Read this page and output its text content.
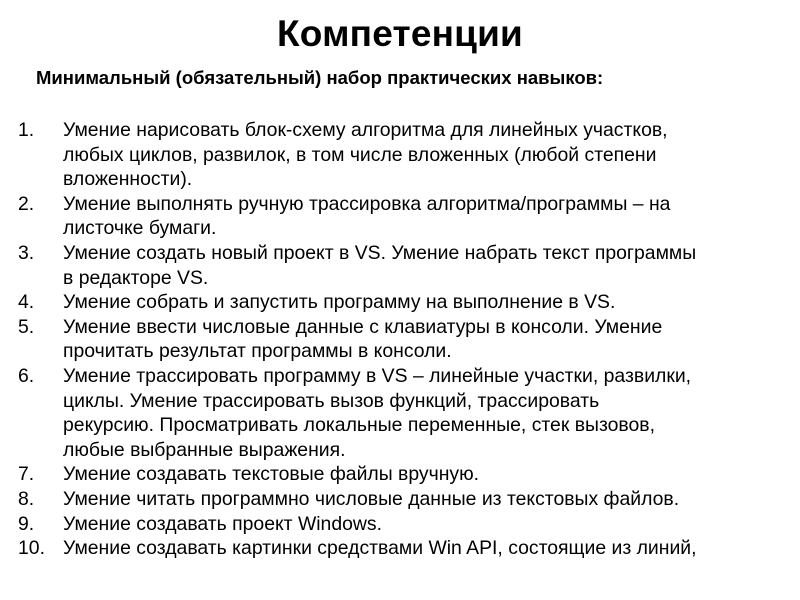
Компетенции
Минимальный (обязательный) набор практических навыков:
1.	Умение нарисовать блок-схему алгоритма для линейных участков,
любых циклов, развилок, в том числе вложенных (любой степени
вложенности).
2.	Умение выполнять ручную трассировка алгоритма/программы – на
листочке бумаги.
3.	Умение создать новый проект в VS. Умение набрать текст программы
в редакторе VS.
4.	Умение собрать и запустить программу на выполнение в VS.
5.	Умение ввести числовые данные с клавиатуры в консоли. Умение
прочитать результат программы в консоли.
6.	Умение трассировать программу в VS – линейные участки, развилки,
циклы. Умение трассировать вызов функций, трассировать
рекурсию. Просматривать локальные переменные, стек вызовов,
любые выбранные выражения.
7.	Умение создавать текстовые файлы вручную.
8.	Умение читать программно числовые данные из текстовых файлов.
9.	Умение создавать проект Windows.
10. Умение создавать картинки средствами Win API, состоящие из линий,
